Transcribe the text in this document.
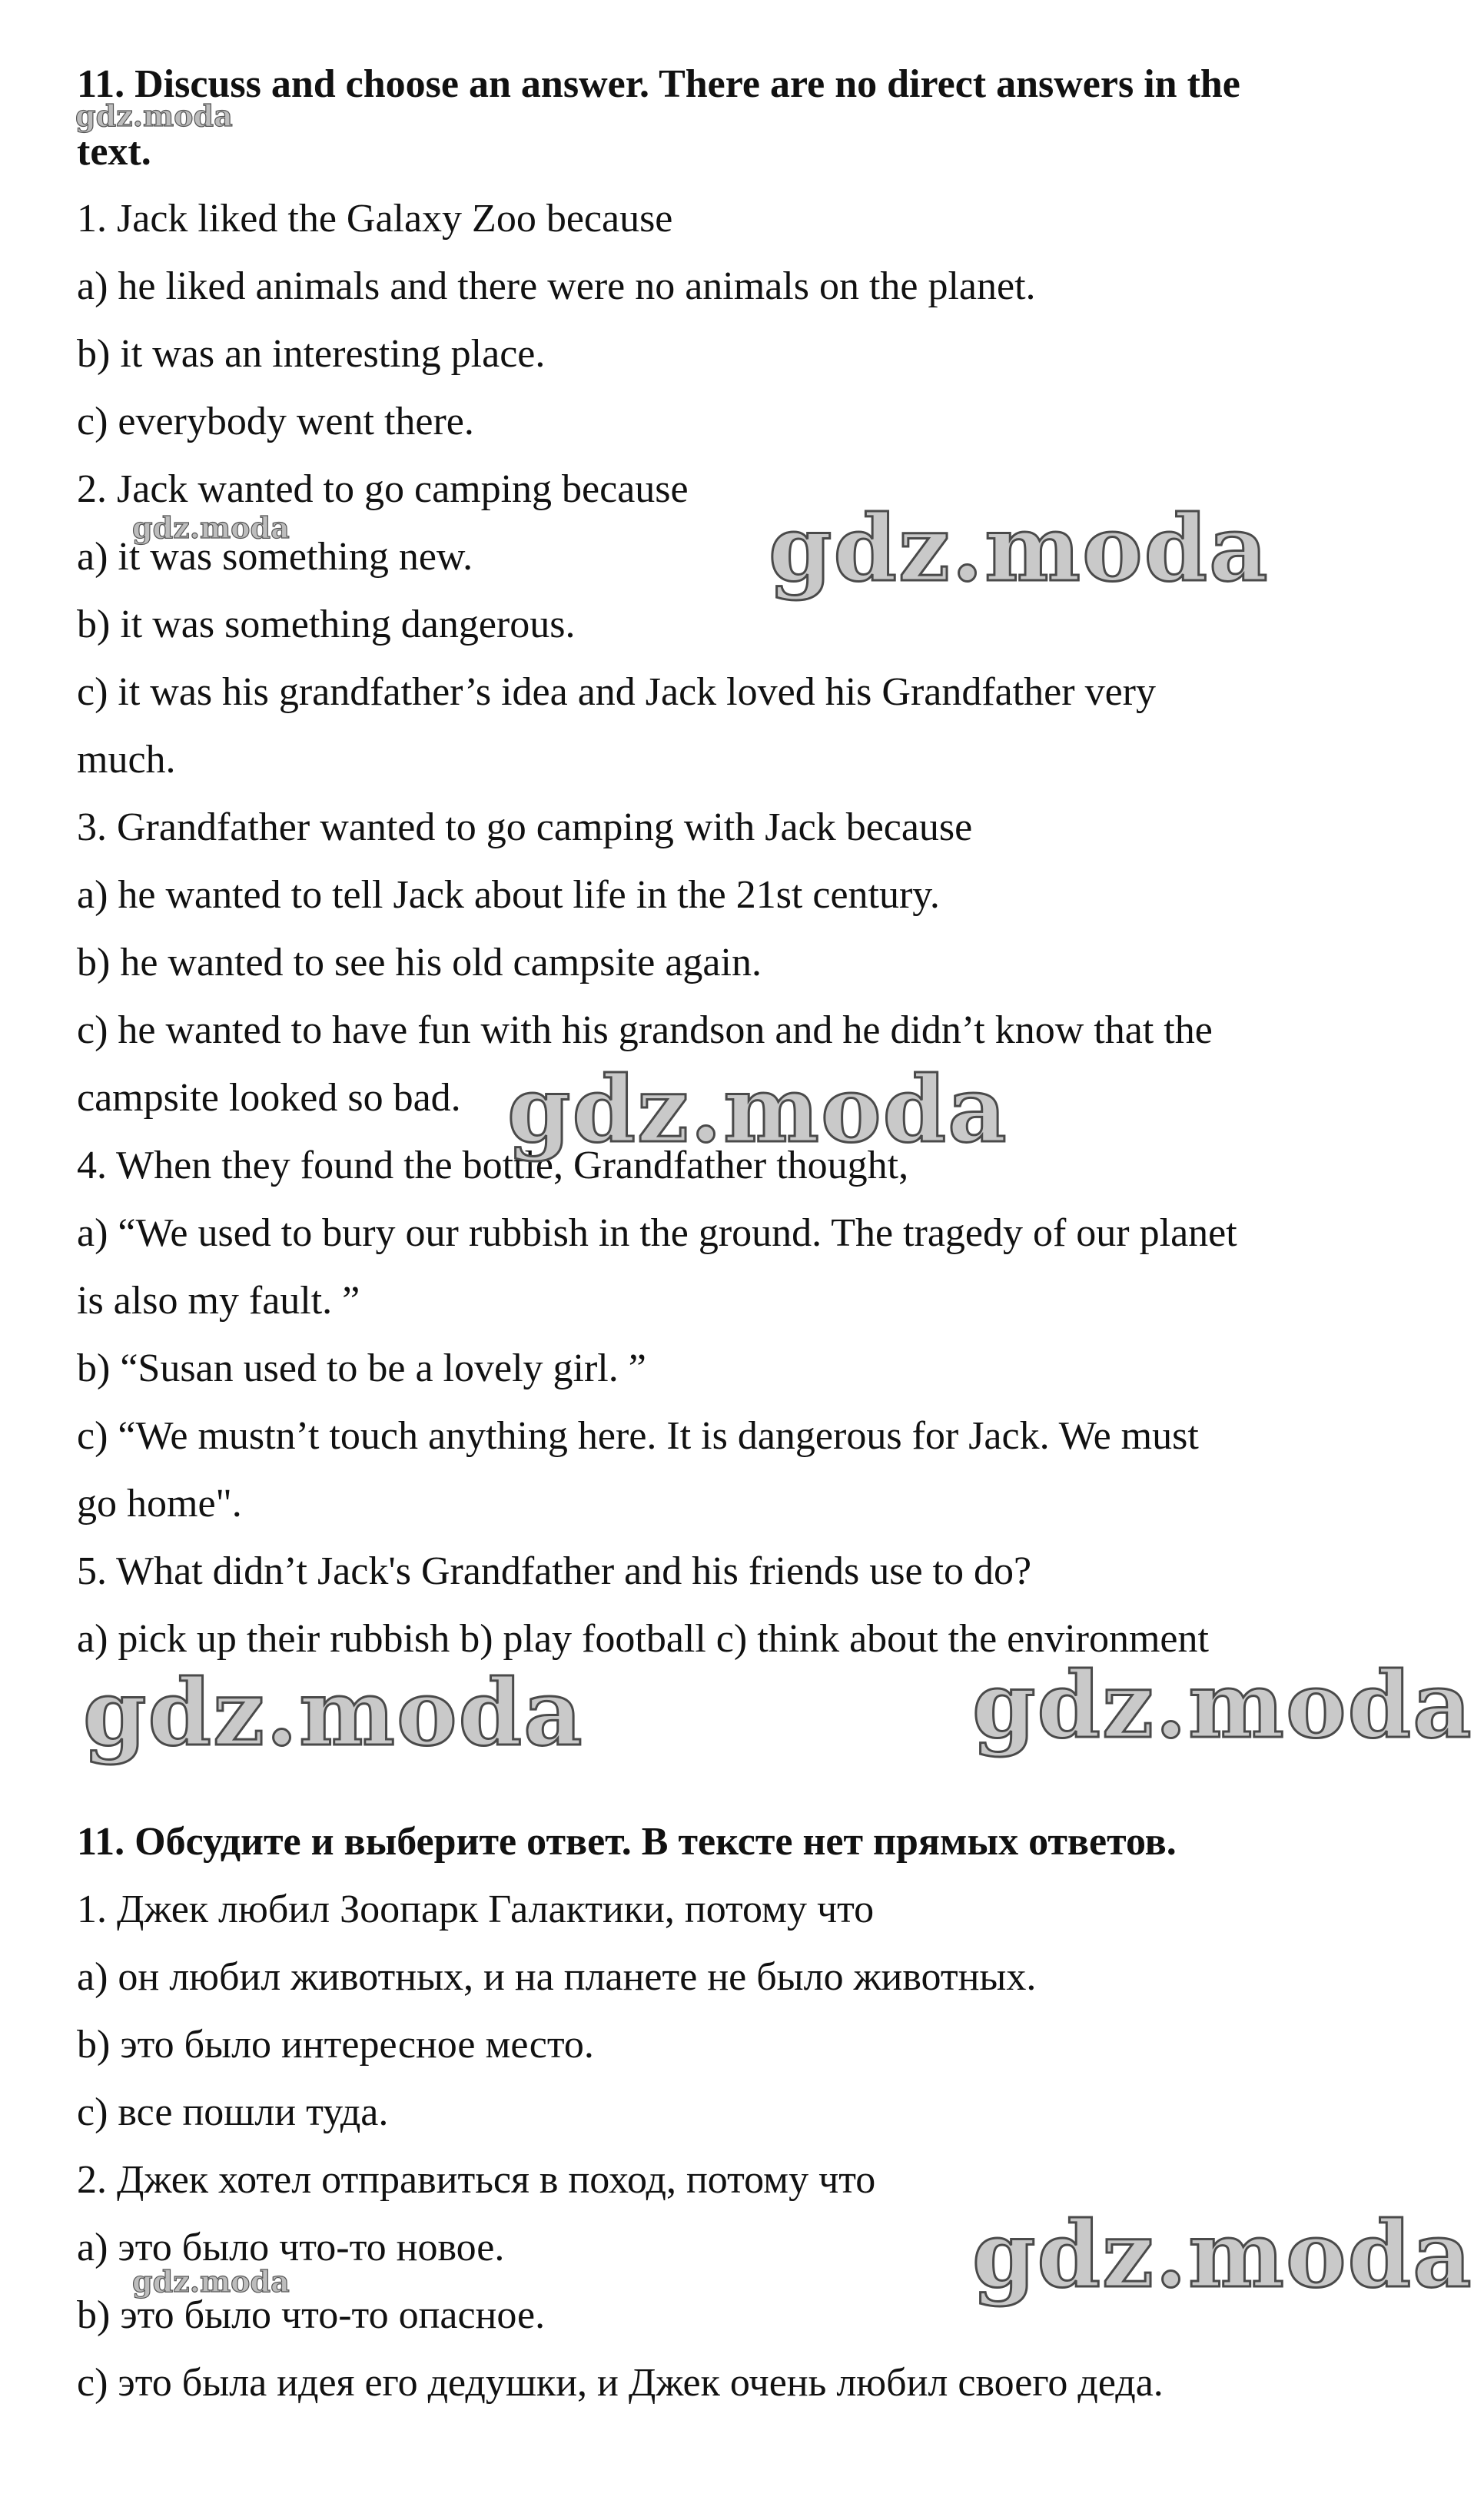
11. Discuss and choose an answer. There are no direct answers in the
text.
1. Jack liked the Galaxy Zoo because
a) he liked animals and there were no animals on the planet.
b) it was an interesting place.
c) everybody went there.
2. Jack wanted to go camping because
a) it was something new.
b) it was something dangerous.
c) it was his grandfather’s idea and Jack loved his Grandfather very
much.
3. Grandfather wanted to go camping with Jack because
a) he wanted to tell Jack about life in the 21st century.
b) he wanted to see his old campsite again.
c) he wanted to have fun with his grandson and he didn’t know that the
campsite looked so bad.
4. When they found the bottle, Grandfather thought,
a) “We used to bury our rubbish in the ground. The tragedy of our planet
is also my fault. ”
b) “Susan used to be a lovely girl. ”
c) “We mustn’t touch anything here. It is dangerous for Jack. We must
go home".
5. What didn’t Jack's Grandfather and his friends use to do?
a) pick up their rubbish b) play football c) think about the environment
11. Обсудите и выберите ответ. В тексте нет прямых ответов.
1. Джек любил Зоопарк Галактики, потому что
a) он любил животных, и на планете не было животных.
b) это было интересное место.
c) все пошли туда.
2. Джек хотел отправиться в поход, потому что
a) это было что-то новое.
b) это было что-то опасное.
c) это была идея его дедушки, и Джек очень любил своего деда.
gdz.moda
gdz.moda
gdz.moda
gdz.moda
gdz.moda	gdz.moda
gdz.moda
gdz.moda
